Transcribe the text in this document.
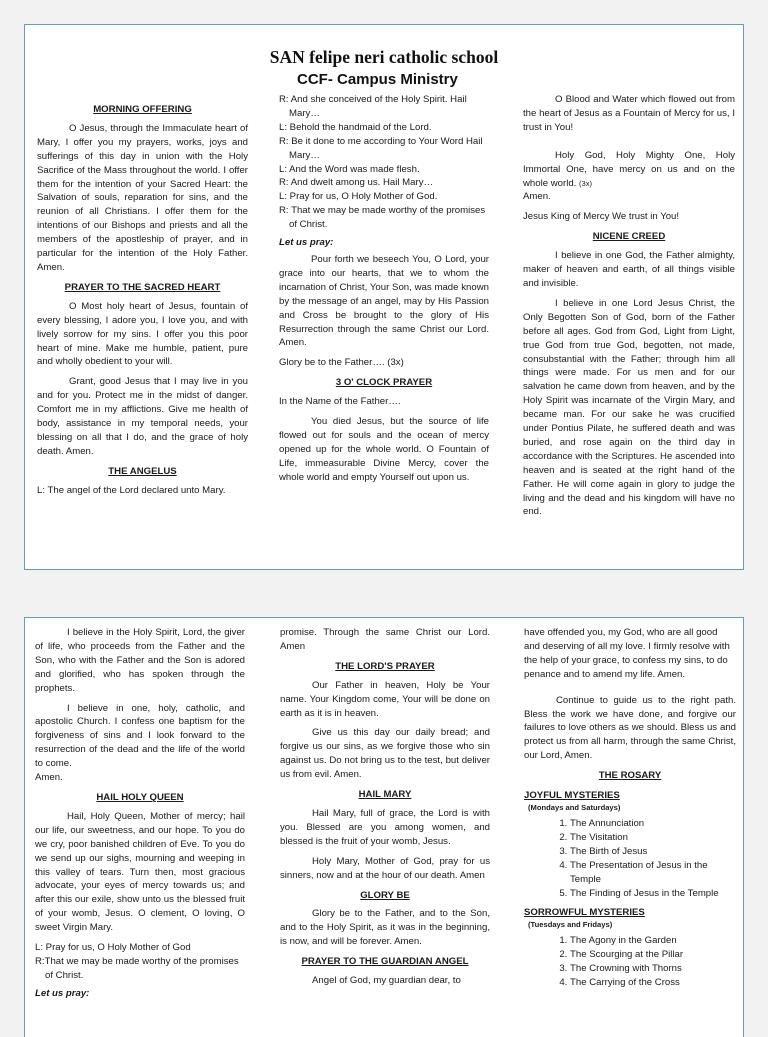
SAN felipe neri catholic school
CCF- Campus Ministry
MORNING OFFERING

O Jesus, through the Immaculate heart of Mary, I offer you my prayers, works, joys and sufferings of this day in union with the Holy Sacrifice of the Mass throughout the world. I offer them for the intention of your Sacred Heart: the Salvation of souls, reparation for sins, and the reunion of all Christians. I offer them for the intentions of our Bishops and priests and all the members of the apostleship of prayer, and in particular for the intention of the Holy Father. Amen.

PRAYER TO THE SACRED HEART

O Most holy heart of Jesus, fountain of every blessing, I adore you, I love you, and with lively sorrow for my sins. I offer you this poor heart of mine. Make me humble, patient, pure and wholly obedient to your will.

Grant, good Jesus that I may live in you and for you. Protect me in the midst of danger. Comfort me in my afflictions. Give me health of body, assistance in my temporal needs, your blessing on all that I do, and the grace of holy death. Amen.

THE ANGELUS

L: The angel of the Lord declared unto Mary.

R: And she conceived of the Holy Spirit. Hail Mary…

L: Behold the handmaid of the Lord.

R: Be it done to me according to Your Word Hail Mary…

L: And the Word was made flesh.

R: And dwelt among us. Hail Mary…

L: Pray for us, O Holy Mother of God.

R: That we may be made worthy of the promises of Christ.

Let us pray:

Pour forth we beseech You, O Lord, your grace into our hearts, that we to whom the incarnation of Christ, Your Son, was made known by the message of an angel, may by His Passion and Cross be brought to the glory of His Resurrection through the same Christ our Lord. Amen.

Glory be to the Father…. (3x)

3 O' CLOCK PRAYER

In the Name of the Father….

You died Jesus, but the source of life flowed out for souls and the ocean of mercy opened up for the whole world. O Fountain of Life, immeasurable Divine Mercy, cover the whole world and empty Yourself out upon us.

O Blood and Water which flowed out from the heart of Jesus as a Fountain of Mercy for us, I trust in You!

Holy God, Holy Mighty One, Holy Immortal One, have mercy on us and on the whole world. (3x)

Amen.

Jesus King of Mercy We trust in You!

NICENE CREED

I believe in one God, the Father almighty, maker of heaven and earth, of all things visible and invisible.

I believe in one Lord Jesus Christ, the Only Begotten Son of God, born of the Father before all ages. God from God, Light from Light, true God from true God, begotten, not made, consubstantial with the Father; through him all things were made. For us men and for our salvation he came down from heaven, and by the Holy Spirit was incarnate of the Virgin Mary, and became man. For our sake he was crucified under Pontius Pilate, he suffered death and was buried, and rose again on the third day in accordance with the Scriptures. He ascended into heaven and is seated at the right hand of the Father. He will come again in glory to judge the living and the dead and his kingdom will have no end.

I believe in the Holy Spirit, Lord, the giver of life, who proceeds from the Father and the Son, who with the Father and the Son is adored and glorified, who has spoken through the prophets.

I believe in one, holy, catholic, and apostolic Church. I confess one baptism for the forgiveness of sins and I look forward to the resurrection of the dead and the life of the world to come.

Amen.

HAIL HOLY QUEEN

Hail, Holy Queen, Mother of mercy; hail our life, our sweetness, and our hope. To you do we cry, poor banished children of Eve. To you do we send up our sighs, mourning and weeping in this valley of tears. Turn then, most gracious advocate, your eyes of mercy towards us; and after this our exile, show unto us the blessed fruit of your womb, Jesus. O clement, O loving, O sweet Virgin Mary.

L: Pray for us, O Holy Mother of God

R:That we may be made worthy of the promises of Christ.

Let us pray:

promise. Through the same Christ our Lord. Amen

THE LORD'S PRAYER

Our Father in heaven, Holy be Your name. Your Kingdom come, Your will be done on earth as it is in heaven.

Give us this day our daily bread; and forgive us our sins, as we forgive those who sin against us. Do not bring us to the test, but deliver us from evil. Amen.

HAIL MARY

Hail Mary, full of grace, the Lord is with you. Blessed are you among women, and blessed is the fruit of your womb, Jesus.

Holy Mary, Mother of God, pray for us sinners, now and at the hour of our death. Amen

GLORY BE

Glory be to the Father, and to the Son, and to the Holy Spirit, as it was in the beginning, is now, and will be forever. Amen.

PRAYER TO THE GUARDIAN ANGEL

Angel of God, my guardian dear, to

have offended you, my God, who are all good and deserving of all my love. I firmly resolve with the help of your grace, to confess my sins, to do penance and to amend my life. Amen.

Continue to guide us to the right path. Bless the work we have done, and forgive our failures to love others as we should. Bless us and protect us from all harm, through the same Christ, our Lord, Amen.

THE ROSARY
JOYFUL MYSTERIES
(Mondays and Saturdays)
1. The Annunciation
2. The Visitation
3. The Birth of Jesus
4. The Presentation of Jesus in the Temple
5. The Finding of Jesus in the Temple
SORROWFUL MYSTERIES
(Tuesdays and Fridays)
1. The Agony in the Garden
2. The Scourging at the Pillar
3. The Crowning with Thorns
4. The Carrying of the Cross
